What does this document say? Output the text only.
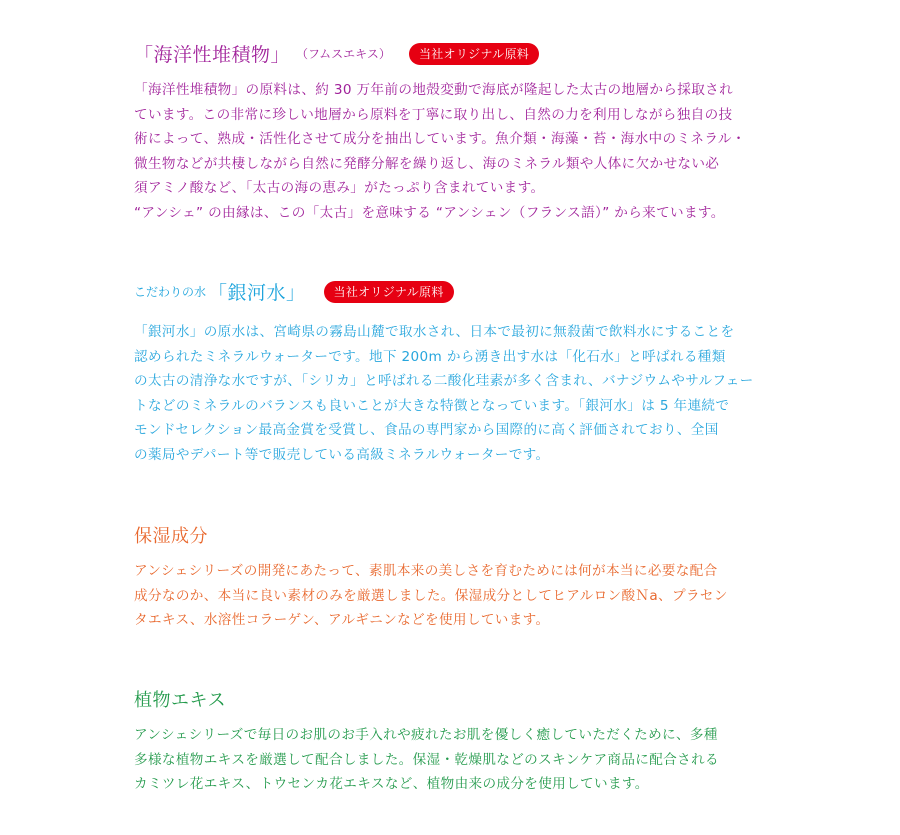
「海洋性堆積物」 （フムスエキス）	当社オリジナル原料

「海洋性堆積物」の原料は、約 30 万年前の地殻変動で海底が隆起した太古の地層から採取され
ています。この非常に珍しい地層から原料を丁寧に取り出し、自然の力を利用しながら独自の技
術によって、熟成・活性化させて成分を抽出しています。魚介類・海藻・苔・海水中のミネラル・
微生物などが共棲しながら自然に発酵分解を繰り返し、海のミネラル類や人体に欠かせない必
須アミノ酸など、「太古の海の恵み」がたっぷり含まれています。
“アンシェ” の由縁は、この「太古」を意味する “アンシェン（フランス語）” から来ています。

こだわりの水 「銀河水」	当社オリジナル原料

「銀河水」の原水は、宮崎県の霧島山麓で取水され、日本で最初に無殺菌で飲料水にすることを
認められたミネラルウォーターです。地下 200m から湧き出す水は「化石水」と呼ばれる種類
の太古の清浄な水ですが、「シリカ」と呼ばれる二酸化珪素が多く含まれ、バナジウムやサルフェー
トなどのミネラルのバランスも良いことが大きな特徴となっています。「銀河水」は 5 年連続で
モンドセレクション最高金賞を受賞し、食品の専門家から国際的に高く評価されており、全国
の薬局やデパート等で販売している高級ミネラルウォーターです。

保湿成分

アンシェシリーズの開発にあたって、素肌本来の美しさを育むためには何が本当に必要な配合
成分なのか、本当に良い素材のみを厳選しました。保湿成分としてヒアルロン酸Ｎa、プラセン
タエキス、水溶性コラーゲン、アルギニンなどを使用しています。

植物エキス

アンシェシリーズで毎日のお肌のお手入れや疲れたお肌を優しく癒していただくために、多種
多様な植物エキスを厳選して配合しました。保湿・乾燥肌などのスキンケア商品に配合される
カミツレ花エキス、トウセンカ花エキスなど、植物由来の成分を使用しています。
